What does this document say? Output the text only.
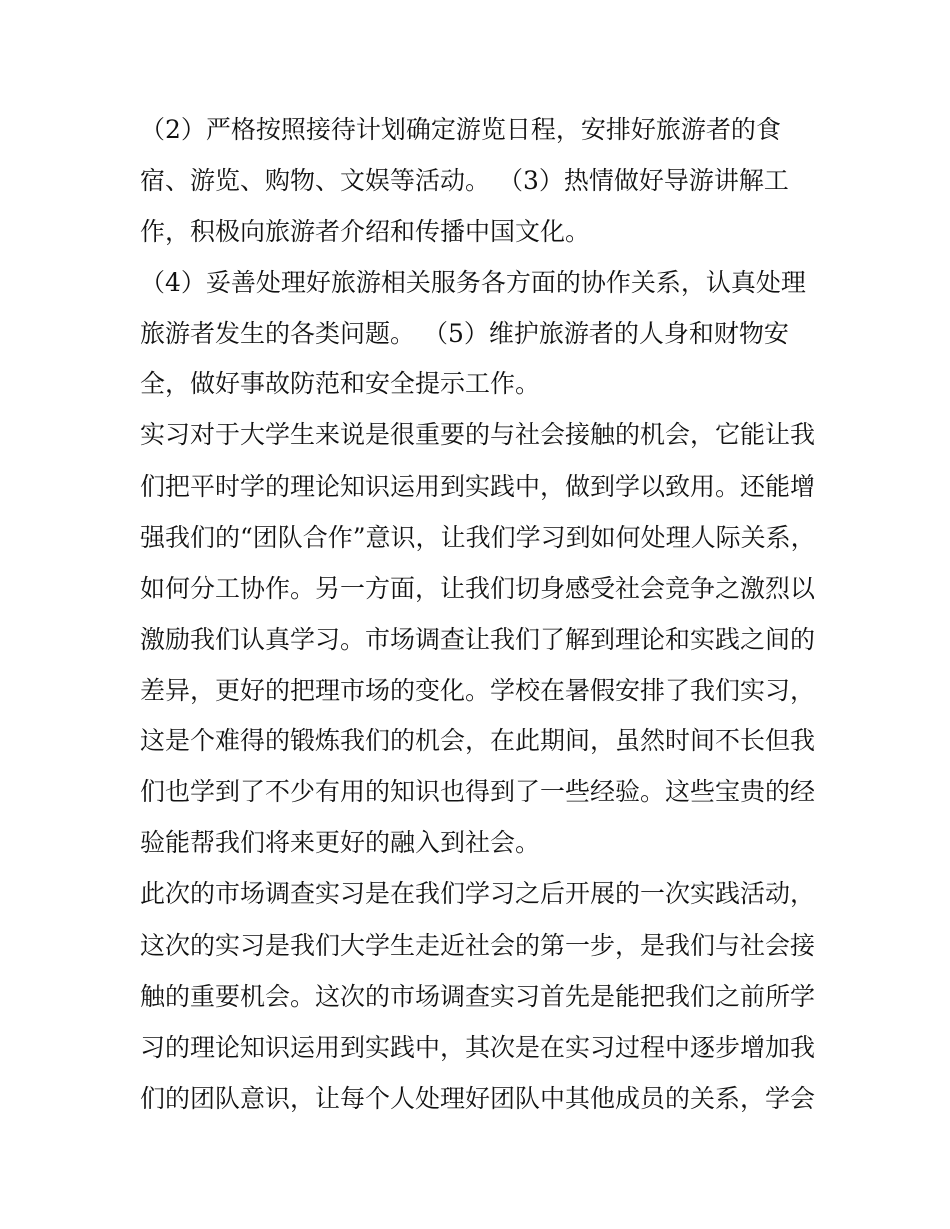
（2）严格按照接待计划确定游览日程，安排好旅游者的食
宿、游览、购物、文娱等活动。 （3）热情做好导游讲解工
作，积极向旅游者介绍和传播中国文化。
（4）妥善处理好旅游相关服务各方面的协作关系，认真处理
旅游者发生的各类问题。 （5）维护旅游者的人身和财物安
全，做好事故防范和安全提示工作。
实习对于大学生来说是很重要的与社会接触的机会，它能让我
们把平时学的理论知识运用到实践中，做到学以致用。还能增
强我们的“团队合作”意识，让我们学习到如何处理人际关系，
如何分工协作。另一方面，让我们切身感受社会竞争之激烈以
激励我们认真学习。市场调查让我们了解到理论和实践之间的
差异，更好的把理市场的变化。学校在暑假安排了我们实习，
这是个难得的锻炼我们的机会，在此期间，虽然时间不长但我
们也学到了不少有用的知识也得到了一些经验。这些宝贵的经
验能帮我们将来更好的融入到社会。
此次的市场调查实习是在我们学习之后开展的一次实践活动，
这次的实习是我们大学生走近社会的第一步，是我们与社会接
触的重要机会。这次的市场调查实习首先是能把我们之前所学
习的理论知识运用到实践中，其次是在实习过程中逐步增加我
们的团队意识，让每个人处理好团队中其他成员的关系，学会
